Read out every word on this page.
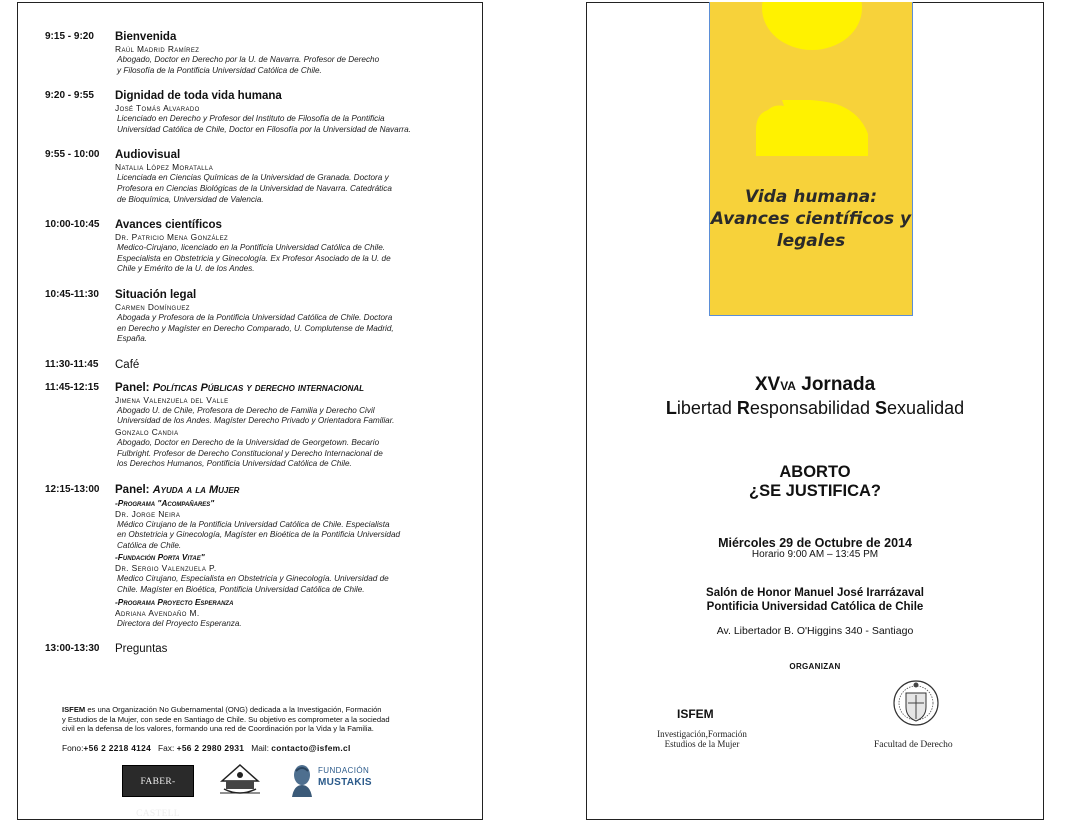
9:15 - 9:20 Bienvenida
Raúl Madrid Ramírez
Abogado, Doctor en Derecho por la U. de Navarra. Profesor de Derecho
y Filosofía de la Pontificia Universidad Católica de Chile.
9:20 - 9:55 Dignidad de toda vida humana
José Tomás Alvarado
Licenciado en Derecho y Profesor del Instituto de Filosofía de la Pontificia
Universidad Católica de Chile, Doctor en Filosofía por la Universidad de Navarra.
9:55 - 10:00 Audiovisual
Natalia López Moratalla
Licenciada en Ciencias Químicas de la Universidad de Granada. Doctora y
Profesora en Ciencias Biológicas de la Universidad de Navarra. Catedrática
de Bioquímica, Universidad de Valencia.
10:00-10:45 Avances científicos
Dr. Patricio Mena González
Medico-Cirujano, licenciado en la Pontificia Universidad Católica de Chile.
Especialista en Obstetricia y Ginecología. Ex Profesor Asociado de la U. de
Chile y Emérito de la U. de los Andes.
10:45-11:30 Situación legal
Carmen Domínguez
Abogada y Profesora de la Pontificia Universidad Católica de Chile. Doctora
en Derecho y Magíster en Derecho Comparado, U. Complutense de Madrid,
España.
11:30-11:45 Café
11:45-12:15 Panel: Políticas Públicas y derecho internacional
Jimena Valenzuela del Valle
Abogado U. de Chile, Profesora de Derecho de Familia y Derecho Civil
Universidad de los Andes. Magíster Derecho Privado y Orientadora Familiar.
Gonzalo Candia
Abogado, Doctor en Derecho de la Universidad de Georgetown. Becario
Fulbright. Profesor de Derecho Constitucional y Derecho Internacional de
los Derechos Humanos, Pontificia Universidad Católica de Chile.
12:15-13:00 Panel: Ayuda a la Mujer
-Programa "Acompañares"
Dr. Jorge Neira
Médico Cirujano de la Pontificia Universidad Católica de Chile. Especialista
en Obstetricia y Ginecología, Magíster en Bioética de la Pontificia Universidad
Católica de Chile.
-Fundación Porta Vitae"
Dr. Sergio Valenzuela P.
Medico Cirujano, Especialista en Obstetricia y Ginecología. Universidad de
Chile. Magíster en Bioética, Pontificia Universidad Católica de Chile.
-Programa Proyecto Esperanza
Adriana Avendaño M.
Directora del Proyecto Esperanza.
13:00-13:30 Preguntas
ISFEM es una Organización No Gubernamental (ONG) dedicada a la Investigación, Formación
y Estudios de la Mujer, con sede en Santiago de Chile. Su objetivo es comprometer a la sociedad
civil en la defensa de los valores, formando una red de Coordinación por la Vida y la Familia.
Fono:+56 2 2218 4124 Fax: +56 2 2980 2931 Mail: contacto@isfem.cl
FABER-CASTELL
FUNDACIÓN
MUSTAKIS
Vida humana:
Avances científicos y
legales
XVVA Jornada
Libertad Responsabilidad Sexualidad
ABORTO
¿SE JUSTIFICA?
Miércoles 29 de Octubre de 2014
Horario 9:00 AM – 13:45 PM
Salón de Honor Manuel José Irarrázaval
Pontificia Universidad Católica de Chile
Av. Libertador B. O'Higgins 340 - Santiago
ORGANIZAN
ISFEM
Investigación,Formación
Estudios de la Mujer	Facultad de Derecho
